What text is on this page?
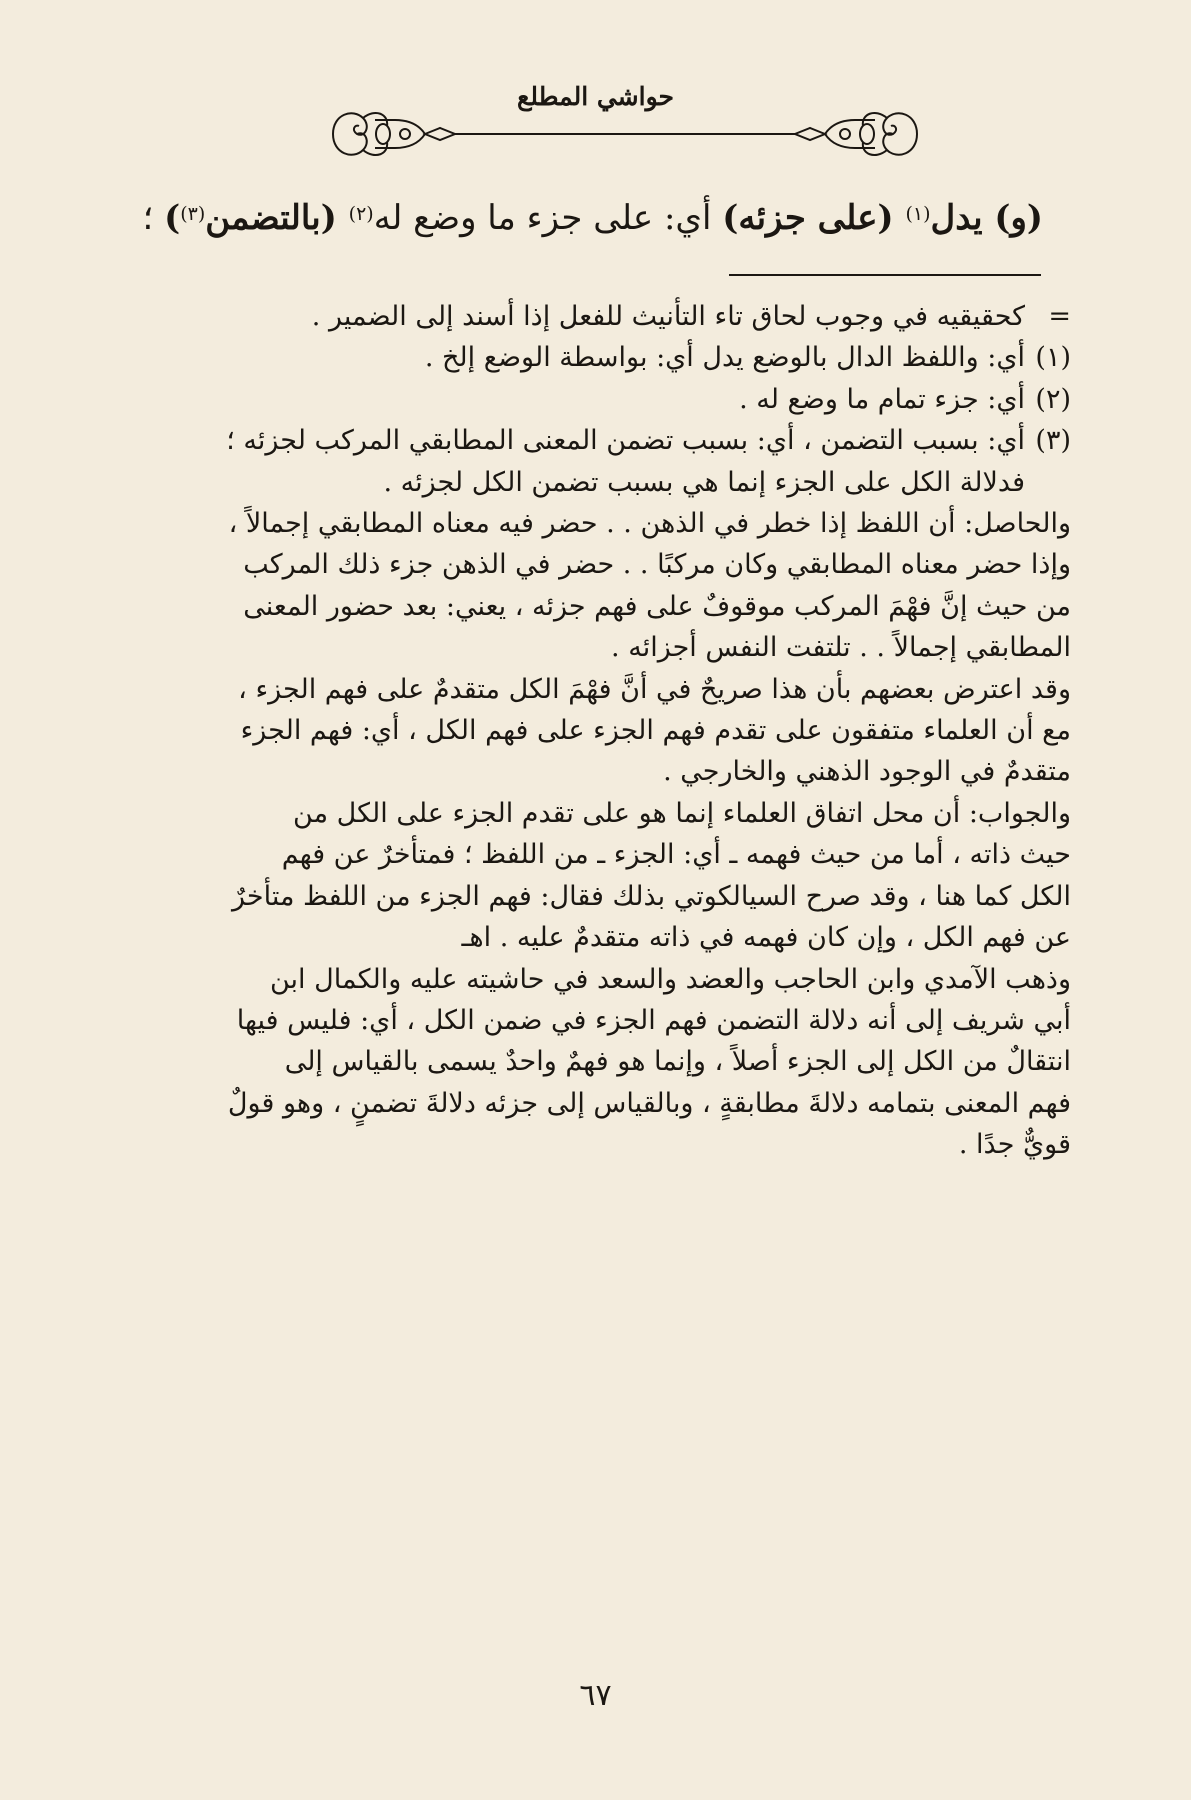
حواشي المطلع
(و) يدل$^{(١)}$ (على جزئه) أي: على جزء ما وضع له$^{(٢)}$ (بالتضمن$^{(٣)}$) ؛
=
كحقيقيه في وجوب لحاق تاء التأنيث للفعل إذا أسند إلى الضمير .
(١)
أي: واللفظ الدال بالوضع يدل أي: بواسطة الوضع إلخ .
(٢)
أي: جزء تمام ما وضع له .
(٣)
أي: بسبب التضمن ، أي: بسبب تضمن المعنى المطابقي المركب لجزئه ؛
فدلالة الكل على الجزء إنما هي بسبب تضمن الكل لجزئه .
والحاصل: أن اللفظ إذا خطر في الذهن . . حضر فيه معناه المطابقي إجمالاً ،
وإذا حضر معناه المطابقي وكان مركبًا . . حضر في الذهن جزء ذلك المركب
من حيث إنَّ فهْمَ المركب موقوفٌ على فهم جزئه ، يعني: بعد حضور المعنى
المطابقي إجمالاً . . تلتفت النفس أجزائه .
وقد اعترض بعضهم بأن هذا صريحٌ في أنَّ فهْمَ الكل متقدمٌ على فهم الجزء ،
مع أن العلماء متفقون على تقدم فهم الجزء على فهم الكل ، أي: فهم الجزء
متقدمٌ في الوجود الذهني والخارجي .
والجواب: أن محل اتفاق العلماء إنما هو على تقدم الجزء على الكل من
حيث ذاته ، أما من حيث فهمه ـ أي: الجزء ـ من اللفظ ؛ فمتأخرٌ عن فهم
الكل كما هنا ، وقد صرح السيالكوتي بذلك فقال: فهم الجزء من اللفظ متأخرٌ
عن فهم الكل ، وإن كان فهمه في ذاته متقدمٌ عليه . اهـ
وذهب الآمدي وابن الحاجب والعضد والسعد في حاشيته عليه والكمال ابن
أبي شريف إلى أنه دلالة التضمن فهم الجزء في ضمن الكل ، أي: فليس فيها
انتقالٌ من الكل إلى الجزء أصلاً ، وإنما هو فهمٌ واحدٌ يسمى بالقياس إلى
فهم المعنى بتمامه دلالةَ مطابقةٍ ، وبالقياس إلى جزئه دلالةَ تضمنٍ ، وهو قولٌ
قويٌّ جدًا .
٦٧
